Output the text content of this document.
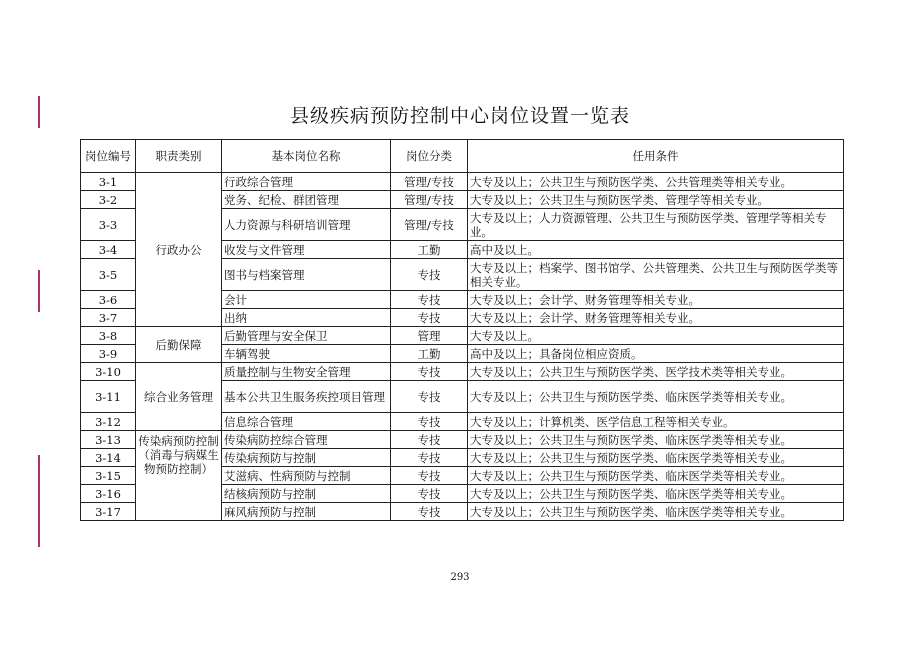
县级疾病预防控制中心岗位设置一览表
岗位编号	职责类别	基本岗位名称	岗位分类	任用条件
3-1	行政办公	行政综合管理	管理/专技	大专及以上；公共卫生与预防医学类、公共管理类等相关专业。
3-2		党务、纪检、群团管理	管理/专技	大专及以上；公共卫生与预防医学类、管理学等相关专业。
3-3		人力资源与科研培训管理	管理/专技	大专及以上；人力资源管理、公共卫生与预防医学类、管理学等相关专业。
3-4		收发与文件管理	工勤	高中及以上。
3-5		图书与档案管理	专技	大专及以上；档案学、图书馆学、公共管理类、公共卫生与预防医学类等相关专业。
3-6		会计	专技	大专及以上；会计学、财务管理等相关专业。
3-7		出纳	专技	大专及以上；会计学、财务管理等相关专业。
3-8	后勤保障	后勤管理与安全保卫	管理	大专及以上。
3-9		车辆驾驶	工勤	高中及以上；具备岗位相应资质。
3-10	综合业务管理	质量控制与生物安全管理	专技	大专及以上；公共卫生与预防医学类、医学技术类等相关专业。
3-11		基本公共卫生服务疾控项目管理	专技	大专及以上；公共卫生与预防医学类、临床医学类等相关专业。
3-12		信息综合管理	专技	大专及以上；计算机类、医学信息工程等相关专业。
3-13	传染病预防控制（消毒与病媒生物预防控制）	传染病防控综合管理	专技	大专及以上；公共卫生与预防医学类、临床医学类等相关专业。
3-14		传染病预防与控制	专技	大专及以上；公共卫生与预防医学类、临床医学类等相关专业。
3-15		艾滋病、性病预防与控制	专技	大专及以上；公共卫生与预防医学类、临床医学类等相关专业。
3-16		结核病预防与控制	专技	大专及以上；公共卫生与预防医学类、临床医学类等相关专业。
3-17		麻风病预防与控制	专技	大专及以上；公共卫生与预防医学类、临床医学类等相关专业。
293
